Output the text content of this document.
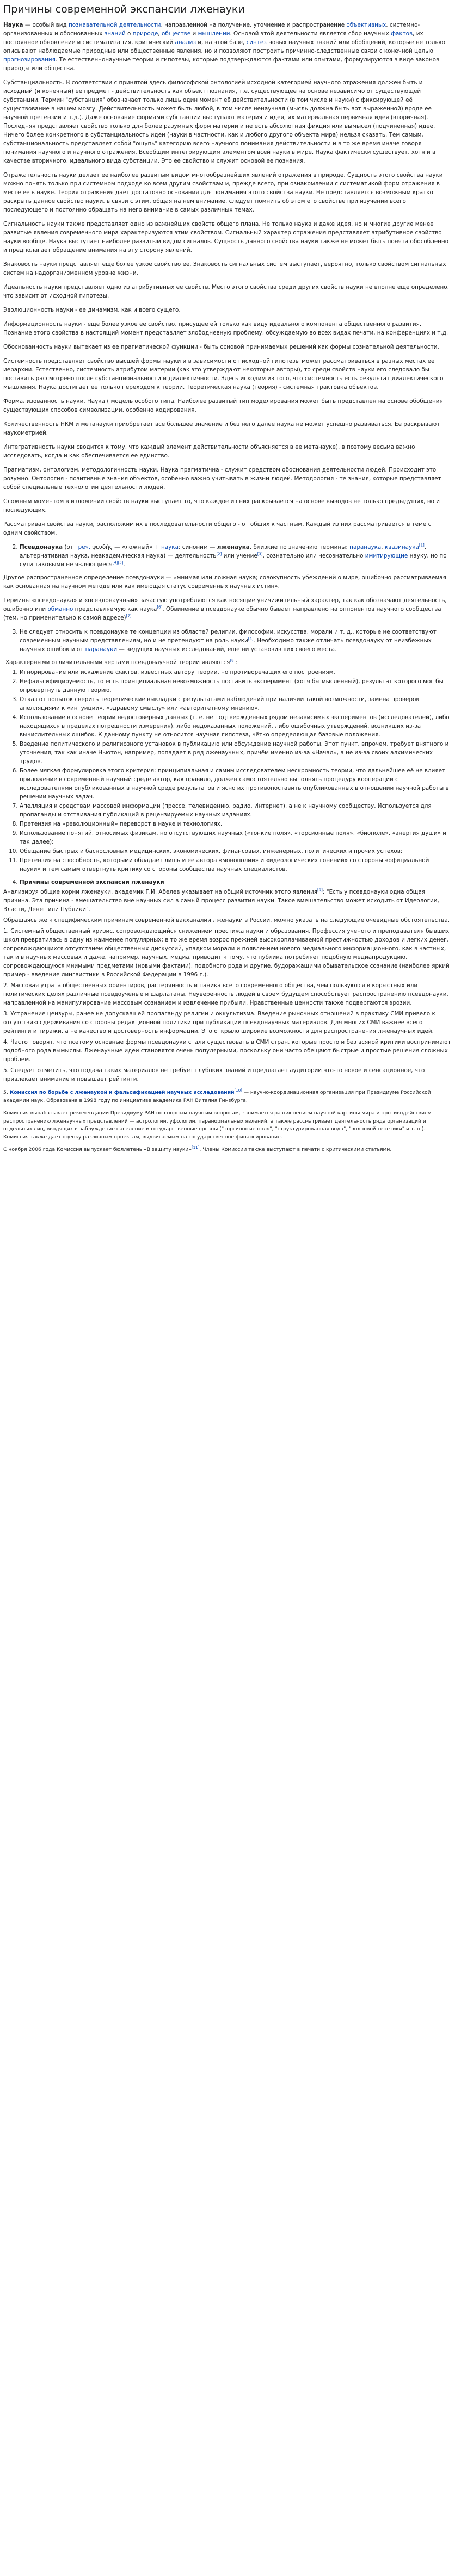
Причины современной экспансии лженауки

Наука — особый вид познавательной деятельности, направленной на получение, уточнение и распространение объективных, системно-организованных и обоснованных знаний о природе, обществе и мышлении. Основой этой деятельности является сбор научных фактов, их постоянное обновление и систематизация, критический анализ и, на этой базе, синтез новых научных знаний или обобщений, которые не только описывают наблюдаемые природные или общественные явления, но и позволяют построить причинно-следственные связи с конечной целью прогнозирования. Те естественнонаучные теории и гипотезы, которые подтверждаются фактами или опытами, формулируются в виде законов природы или общества.

Субстанциальность. В соответствии с принятой здесь философской онтологией исходной категорией научного отражения должен быть и исходный (и конечный) ее предмет - действительность как объект познания, т.е. существующее на основе независимо от существующей субстанции. Термин "субстанция" обозначает только лишь один момент её действительности (в том числе и науки) с фиксирующей её существование в нашем мозгу. Действительность может быть любой, в том числе ненаучная (мысль должна быть вот выраженной) вроде ее научной претензии и т.д.). Даже основание формами субстанции выступают материя и идея, их материальная первичная идея (вторичная). Последняя представляет свойство только для более разумных форм материи и не есть абсолютная фикция или вымысел (подчиненная) идее. Ничего более конкретного в субстанциальность идеи (науки в частности, как и любого другого объекта мира) нельзя сказать. Тем самым, субстанциональность представляет собой "ощупь" категорию всего научного понимания действительности и в то же время иначе говоря понимания научного и научного отражения. Всеобщим интегрирующим элементом всей науки в мире. Наука фактически существует, хотя и в качестве вторичного, идеального вида субстанции. Это ее свойство и служит основой ее познания.

Отражательность науки делает ее наиболее развитым видом многообразнейших явлений отражения в природе. Сущность этого свойства науки можно понять только при системном подходе ко всем другим свойствам и, прежде всего, при ознакомлении с систематикой форм отражения в месте ее в науке. Теория отражения дает достаточно основания для понимания этого свойства науки. Не представляется возможным кратко раскрыть данное свойство науки, в связи с этим, общая на нем внимание, следует помнить об этом его свойстве при изучении всего последующего и постоянно обращать на него внимание в самых различных темах.

Сигнальность науки также представляет одно из важнейших свойств общего плана. Не только наука и даже идея, но и многие другие менее развитые явления современного мира характеризуются этим свойством. Сигнальный характер отражения представляет атрибутивное свойство науки вообще. Наука выступает наиболее развитым видом сигналов. Сущность данного свойства науки также не может быть понята обособленно и предполагает обращение внимания на эту сторону явлений.

Знаковость науки представляет еще более узкое свойство ее. Знаковость сигнальных систем выступает, вероятно, только свойством сигнальных систем на надорганизменном уровне жизни.

Идеальность науки представляет одно из атрибутивных ее свойств. Место этого свойства среди других свойств науки не вполне еще определено, что зависит от исходной гипотезы.

Эволюционность науки - ее динамизм, как и всего сущего.

Информационность науки - еще более узкое ее свойство, присущее ей только как виду идеального компонента общественного развития. Познание этого свойства в настоящий момент представляет злободневную проблему, обсуждаемую во всех видах печати, на конференциях и т.д.

Обоснованность науки вытекает из ее прагматической функции - быть основой принимаемых решений как формы сознательной деятельности.

Системность представляет свойство высшей формы науки и в зависимости от исходной гипотезы может рассматриваться в разных местах ее иерархии. Естественно, системность атрибутом материи (как это утверждают некоторые авторы), то среди свойств науки его следовало бы поставить рассмотрено после субстанциональности и диалектичности. Здесь исходим из того, что системность есть результат диалектического мышления. Наука достигает ее только переходом к теории. Теоретическая наука (теория) - системная трактовка объектов.

Формализованность науки. Наука ( модель особого типа. Наиболее развитый тип моделирования может быть представлен на основе обобщения существующих способов символизации, особенно кодирования.

Количественность НКМ и метанауки приобретает все большее значение и без него далее наука не может успешно развиваться. Ее раскрывают наукометрией.

Интегративность науки сводится к тому, что каждый элемент действительности объясняется в ее метанауке), в поэтому весьма важно исследовать, когда и как обеспечивается ее единство.

Прагматизм, онтологизм, методологичность науки. Наука прагматична - служит средством обоснования деятельности людей. Происходит это розумно. Онтология - позитивные знания объектов, особенно важно учитывать в жизни людей. Методология - те знания, которые представляет собой специальные технологии деятельности людей.

Сложным моментом в изложении свойств науки выступает то, что каждое из них раскрывается на основе выводов не только предыдущих, но и последующих.

Рассматривая свойства науки, расположим их в последовательности общего - от общих к частным. Каждый из них рассматривается в теме с одним свойством.

2. Псевдонаука (от греч. ψευδής — «ложный» + наука; синоним — лженаука, близкие по значению термины: паранаука, квазинаука[1], альтернативная наука, неакадемическая наука) — деятельность[2] или учение[3], сознательно или несознательно имитирующие науку, но по сути таковыми не являющиеся[4][5].

Другое распространённое определение псевдонауки — «мнимая или ложная наука; совокупность убеждений о мире, ошибочно рассматриваемая как основанная на научном методе или как имеющая статус современных научных истин».

Термины «псевдонаука» и «псевдонаучный» зачастую употребляются как носящие уничижительный характер, так как обозначают деятельность, ошибочно или обманно представляемую как наука[6]. Обвинение в псевдонауке обычно бывает направлено на оппонентов научного сообщества (тем, но применительно к самой адресе)[7]

3. Не следует относить к псевдонауке те концепции из областей религии, философии, искусства, морали и т. д., которые не соответствуют современным научным представлениям, но и не претендуют на роль науки[4]. Необходимо также отличать псевдонауку от неизбежных научных ошибок и от паранауки — ведущих научных исследований, еще ни установивших своего места.

Характерными отличительными чертами псевдонаучной теории являются[8]:

1. Игнорирование или искажение фактов, известных автору теории, но противоречащих его построениям.
2. Нефальсифицируемость, то есть принципиальная невозможность поставить эксперимент (хотя бы мысленный), результат которого мог бы опровергнуть данную теорию.
3. Отказ от попыток сверить теоретические выкладки с результатами наблюдений при наличии такой возможности, замена проверок апелляциями к «интуиции», «здравому смыслу» или «авторитетному мнению».
4. Использование в основе теории недостоверных данных (т. е. не подтверждённых рядом независимых экспериментов (исследователей), либо находящихся в пределах погрешности измерения), либо недоказанных положений, либо ошибочных утверждений, возникших из-за вычислительных ошибок. К данному пункту не относится научная гипотеза, чётко определяющая базовые положения.
5. Введение политического и религиозного установок в публикацию или обсуждение научной работы. Этот пункт, впрочем, требует внятного и уточнения, так как иначе Ньютон, например, попадает в ряд лженаучных, причём именно из-за «Начал», а не из-за своих алхимических трудов.
6. Более мягкая формулировка этого критерия: принципиальная и самим исследователем нескромность теории, что дальнейшее её не влияет приложение в современный научный среде автор, как правило, должен самостоятельно выполнять процедуру кооперации с исследователями опубликованных в научной среде результатов и ясно их противопоставить опубликованных в отношении научной работы в решении научных задач.
7. Апелляция к средствам массовой информации (прессе, телевидению, радио, Интернет), а не к научному сообществу. Используется для пропаганды и отстаивания публикаций в рецензируемых научных изданиях.
8. Претензия на «революционный» переворот в науке и технологиях.
9. Использование понятий, относимых физикам, но отсутствующих научных («тонкие поля», «торсионные поля», «биополе», «энергия души» и так далее);
10. Обещание быстрых и баснословных медицинских, экономических, финансовых, инженерных, политических и прочих успехов;
11. Претензия на способность, которыми обладает лишь и её автора «монополии» и «идеологических гонений» со стороны «официальной науки» и тем самым отвергнуть критику со стороны сообщества научных специалистов.
4. Причины современной экспансии лженауки

Анализируя общие корни лженауки, академик Г.И. Абелев указывает на общий источник этого явления[9]: "Есть у псевдонауки одна общая причина. Эта причина - вмешательство вне научных сил в самый процесс развития науки. Такое вмешательство может исходить от Идеологии, Власти, Денег или Публики".

Обращаясь же к специфическим причинам современной вакханалии лженауки в России, можно указать на следующие очевидные обстоятельства.

1. Системный общественный кризис, сопровождающийся снижением престижа науки и образования. Профессия ученого и преподавателя бывших школ превратилась в одну из наименее популярных; в то же время возрос прежней высокооплачиваемой престижностью доходов и легких денег, сопровождающихся отсутствием общественных дискуссий, упадком морали и появлением нового медиального информационного, как в частных, так и в научных массовых и даже, например, научных, медиа, приводит к тому, что публика потребляет подобную медиапродукцию, сопровождающуюся мнимыми предметами (новыми фактами), подобного рода и другие, будоражащими обывательское сознание (наиболее яркий пример - введение лингвистики в Российской Федерации в 1996 г.).

2. Массовая утрата общественных ориентиров, растерянность и паника всего современного общества, чем пользуются в корыстных или политических целях различные псевдоучёные и шарлатаны. Неуверенность людей в своём будущем способствует распространению псевдонауки, направленной на манипулирование массовым сознанием и извлечение прибыли. Нравственные ценности также подвергаются эрозии.

3. Устранение цензуры, ранее не допускавшей пропаганду религии и оккультизма. Введение рыночных отношений в практику СМИ привело к отсутствию сдерживания со стороны редакционной политики при публикации псевдонаучных материалов. Для многих СМИ важнее всего рейтинги и тиражи, а не качество и достоверность информации. Это открыло широкие возможности для распространения лженаучных идей.

4. Часто говорят, что поэтому основные формы псевдонауки стали существовать в СМИ стран, которые просто и без всякой критики воспринимают подобного рода вымыслы. Лженаучные идеи становятся очень популярными, поскольку они часто обещают быстрые и простые решения сложных проблем.

5. Следует отметить, что подача таких материалов не требует глубоких знаний и предлагает аудитории что-то новое и сенсационное, что привлекает внимание и повышает рейтинги.

5. Комиссия по борьбе с лженаукой и фальсификацией научных исследований[10] — научно-координационная организация при Президиуме Российской академии наук. Образована в 1998 году по инициативе академика РАН Виталия Гинзбурга.

Комиссия вырабатывает рекомендации Президиуму РАН по спорным научным вопросам, занимается разъяснением научной картины мира и противодействием распространению лженаучных представлений — астрологии, уфологии, паранормальных явлений, а также рассматривает деятельность ряда организаций и отдельных лиц, вводящих в заблуждение население и государственные органы ("торсионные поля", "структурированная вода", "волновой генетики" и т. п.). Комиссия также даёт оценку различным проектам, выдвигаемым на государственное финансирование.

С ноября 2006 года Комиссия выпускает бюллетень «В защиту науки»[11]. Члены Комиссии также выступают в печати с критическими статьями.
